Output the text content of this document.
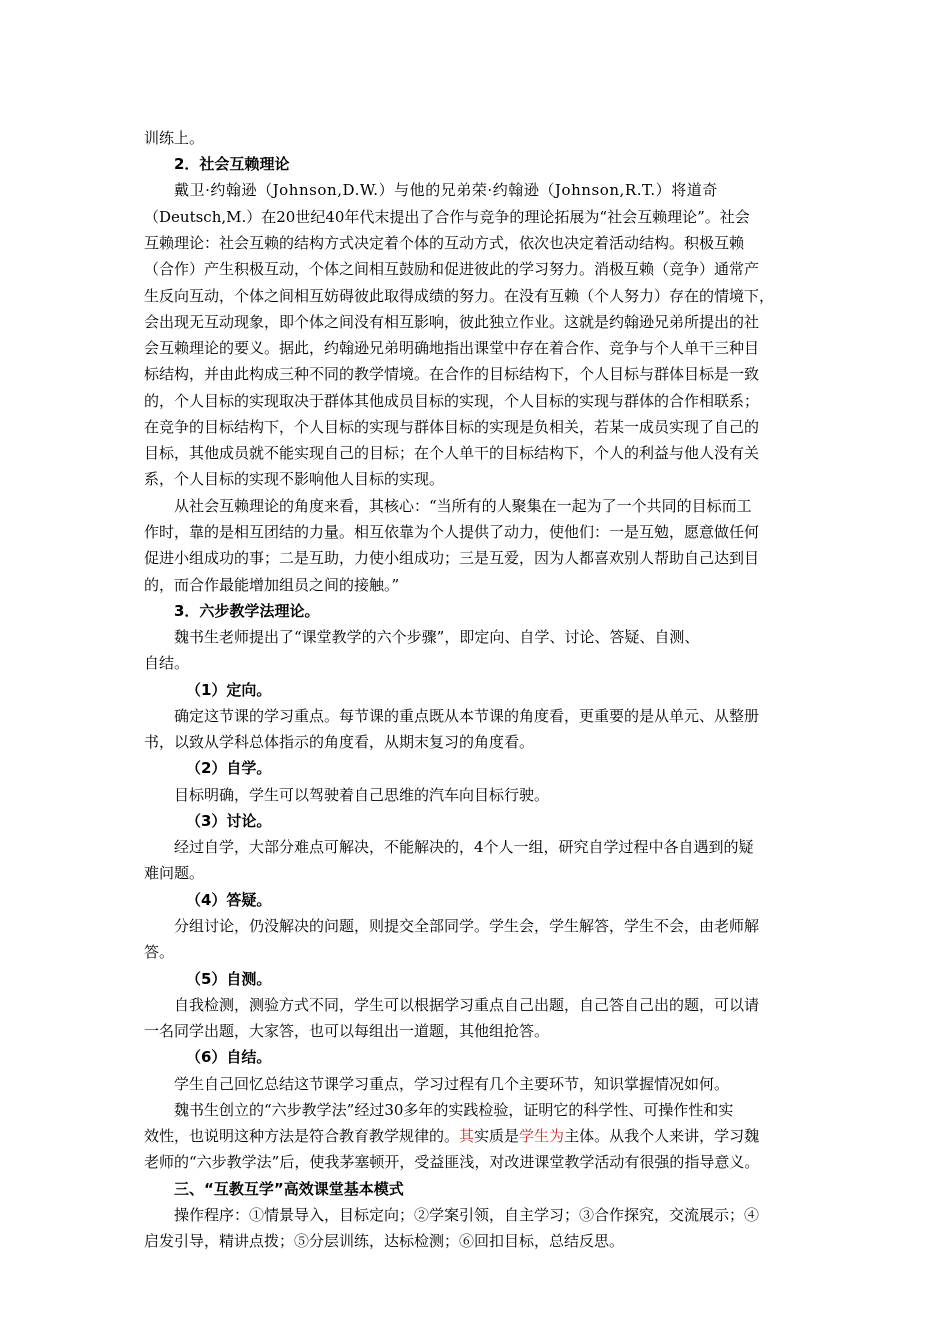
训练上。
2．社会互赖理论
戴卫·约翰逊（Johnson,D.W.）与他的兄弟荣·约翰逊（Johnson,R.T.）将道奇
（Deutsch,M.）在20世纪40年代末提出了合作与竞争的理论拓展为“社会互赖理论”。社会
互赖理论：社会互赖的结构方式决定着个体的互动方式，依次也决定着活动结构。积极互赖
（合作）产生积极互动，个体之间相互鼓励和促进彼此的学习努力。消极互赖（竞争）通常产
生反向互动，个体之间相互妨碍彼此取得成绩的努力。在没有互赖（个人努力）存在的情境下，
会出现无互动现象，即个体之间没有相互影响，彼此独立作业。这就是约翰逊兄弟所提出的社
会互赖理论的要义。据此，约翰逊兄弟明确地指出课堂中存在着合作、竞争与个人单干三种目
标结构，并由此构成三种不同的教学情境。在合作的目标结构下，个人目标与群体目标是一致
的，个人目标的实现取决于群体其他成员目标的实现，个人目标的实现与群体的合作相联系；
在竞争的目标结构下，个人目标的实现与群体目标的实现是负相关，若某一成员实现了自己的
目标，其他成员就不能实现自己的目标；在个人单干的目标结构下，个人的利益与他人没有关
系，个人目标的实现不影响他人目标的实现。
从社会互赖理论的角度来看，其核心：“当所有的人聚集在一起为了一个共同的目标而工
作时，靠的是相互团结的力量。相互依靠为个人提供了动力，使他们：一是互勉，愿意做任何
促进小组成功的事；二是互助，力使小组成功；三是互爱，因为人都喜欢别人帮助自己达到目
的，而合作最能增加组员之间的接触。”
3．六步教学法理论。
魏书生老师提出了“课堂教学的六个步骤”，即定向、自学、讨论、答疑、自测、
自结。
（1）定向。
确定这节课的学习重点。每节课的重点既从本节课的角度看，更重要的是从单元、从整册
书，以致从学科总体指示的角度看，从期末复习的角度看。
（2）自学。
目标明确，学生可以驾驶着自己思维的汽车向目标行驶。
（3）讨论。
经过自学，大部分难点可解决，不能解决的，4个人一组，研究自学过程中各自遇到的疑
难问题。
（4）答疑。
分组讨论，仍没解决的问题，则提交全部同学。学生会，学生解答，学生不会，由老师解
答。
（5）自测。
自我检测，测验方式不同，学生可以根据学习重点自己出题，自己答自己出的题，可以请
一名同学出题，大家答，也可以每组出一道题，其他组抢答。
（6）自结。
学生自己回忆总结这节课学习重点，学习过程有几个主要环节，知识掌握情况如何。
魏书生创立的“六步教学法”经过30多年的实践检验，证明它的科学性、可操作性和实
效性，也说明这种方法是符合教育教学规律的。其实质是学生为主体。从我个人来讲，学习魏
老师的“六步教学法”后，使我茅塞顿开，受益匪浅，对改进课堂教学活动有很强的指导意义。
三、“互教互学”高效课堂基本模式
操作程序：①情景导入，目标定向；②学案引领，自主学习；③合作探究，交流展示；④
启发引导，精讲点拨；⑤分层训练，达标检测；⑥回扣目标，总结反思。
